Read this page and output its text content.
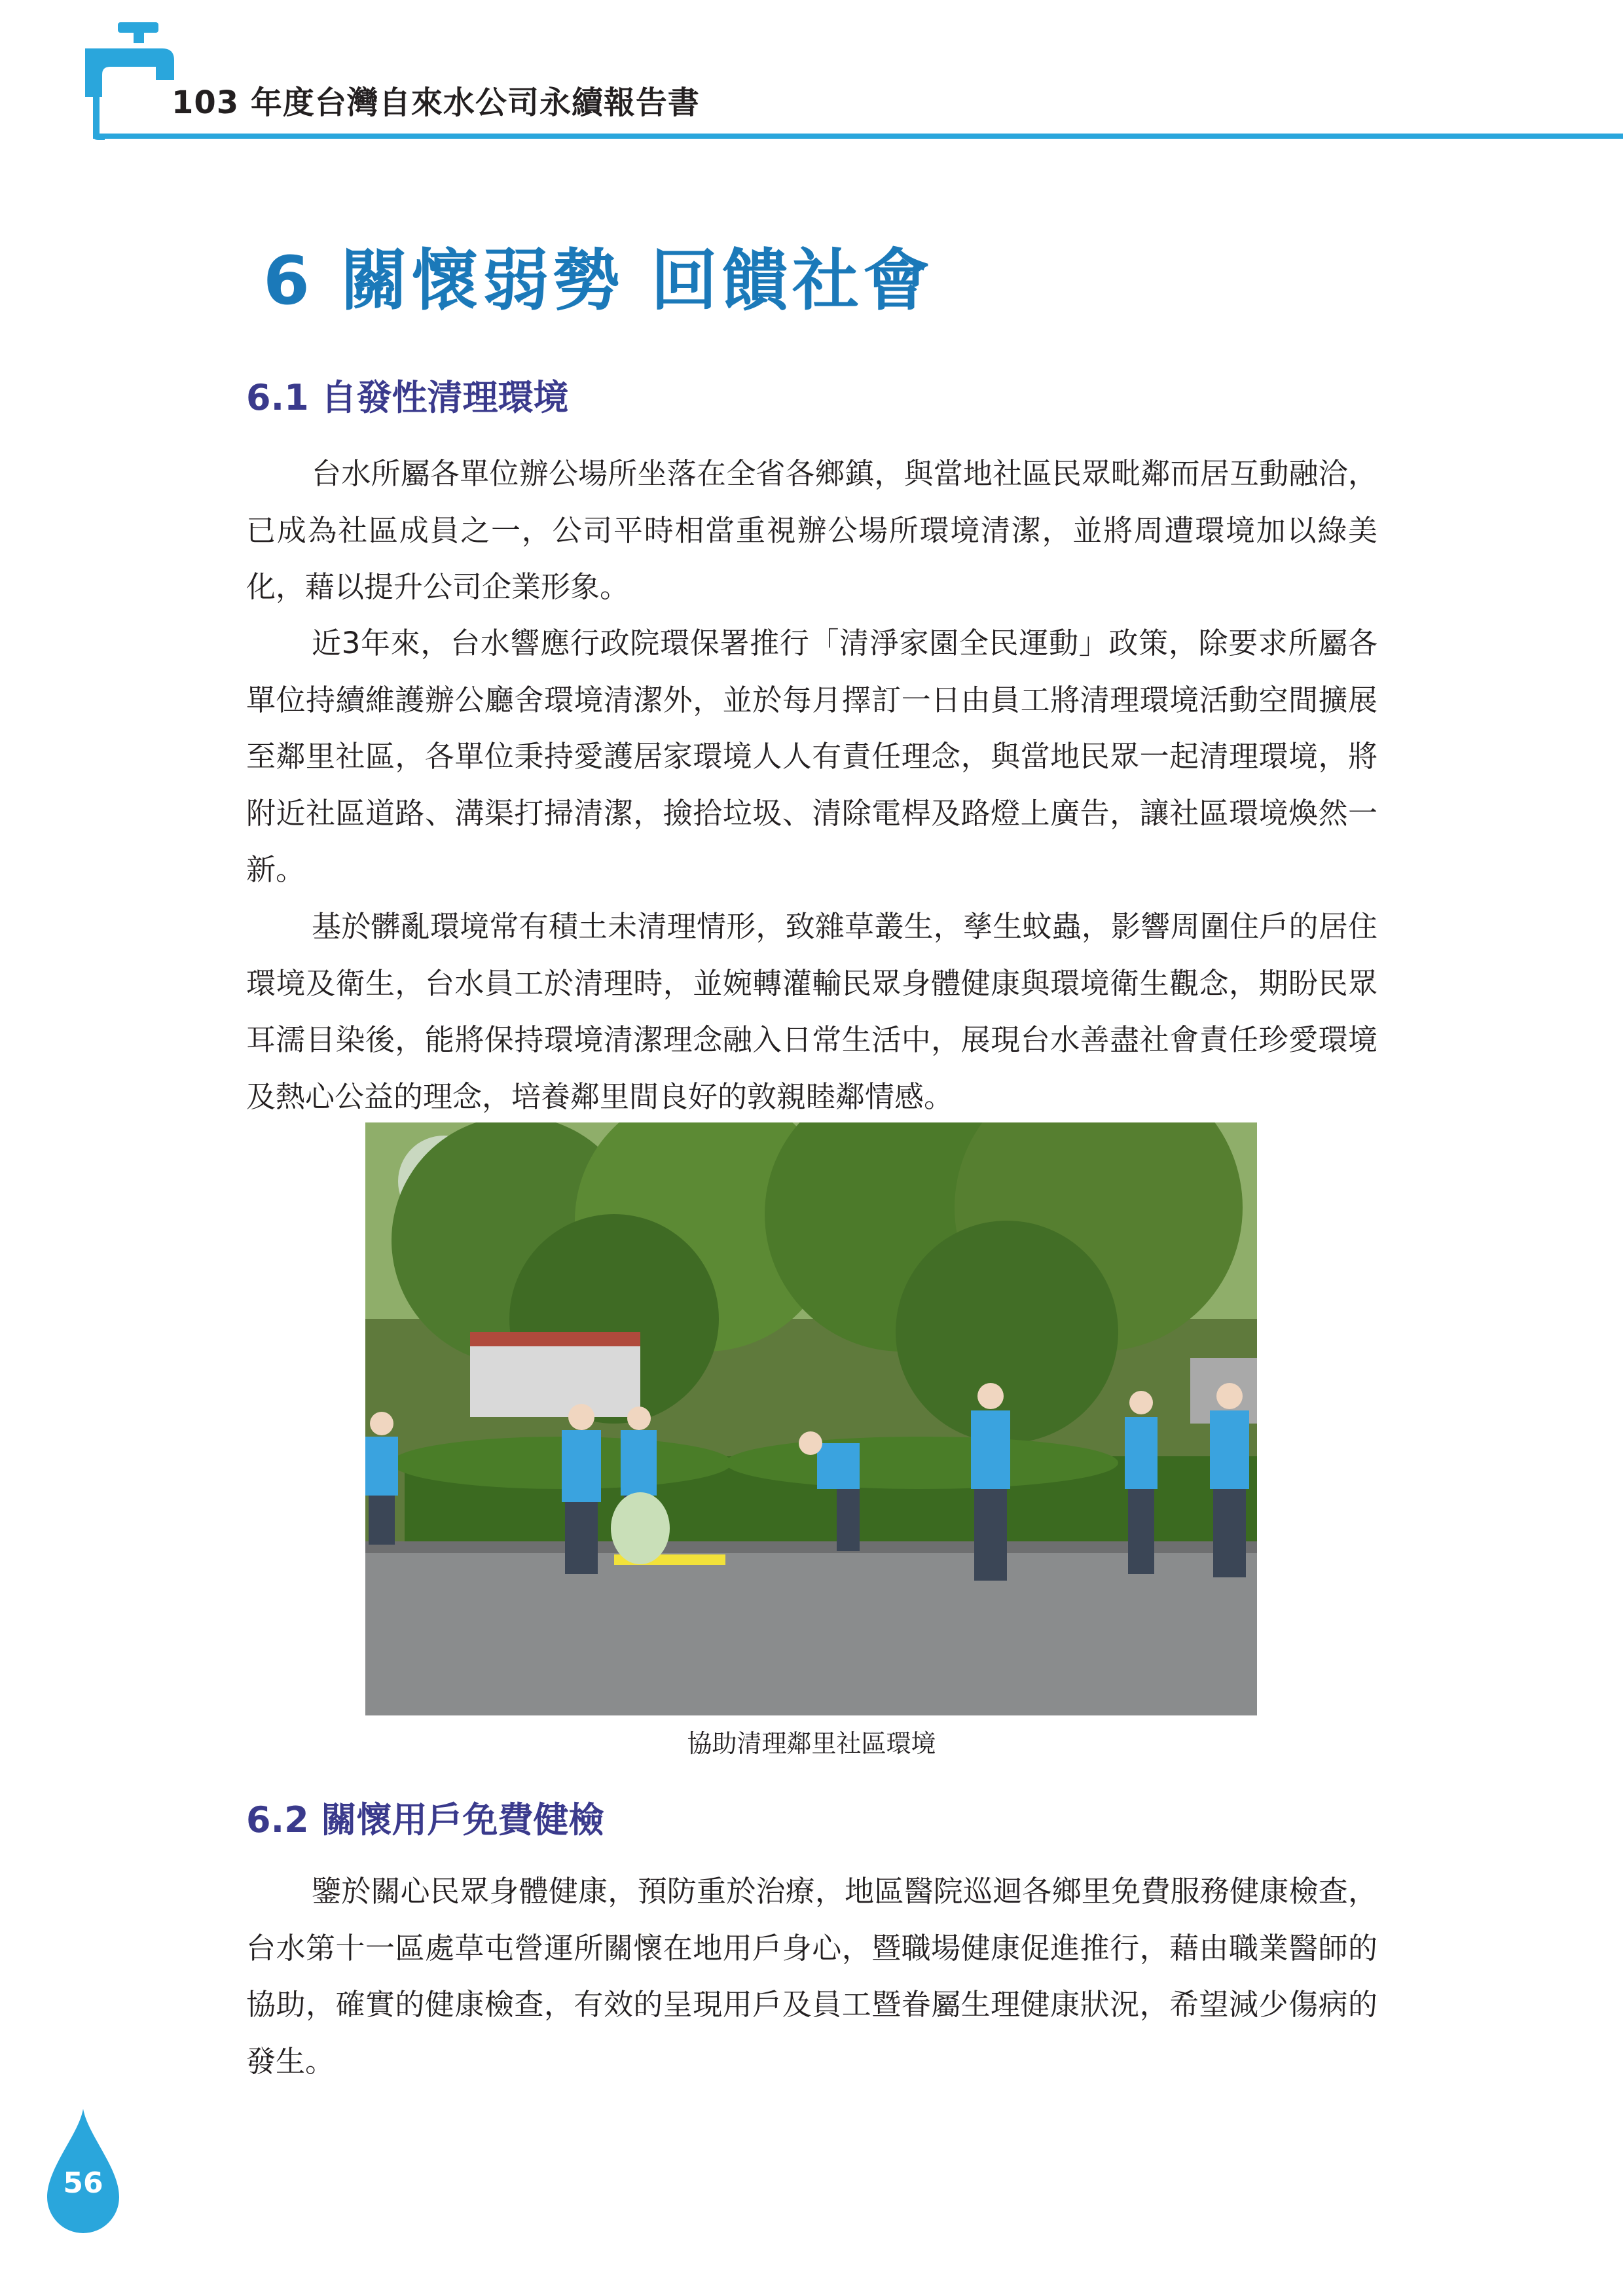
103 年度台灣自來水公司永續報告書
6 關懷弱勢 回饋社會
6.1 自發性清理環境

台水所屬各單位辦公場所坐落在全省各鄉鎮，與當地社區民眾毗鄰而居互動融洽，已成為社區成員之一，公司平時相當重視辦公場所環境清潔，並將周遭環境加以綠美化，藉以提升公司企業形象。

近3年來，台水響應行政院環保署推行「清淨家園全民運動」政策，除要求所屬各單位持續維護辦公廳舍環境清潔外，並於每月擇訂一日由員工將清理環境活動空間擴展至鄰里社區，各單位秉持愛護居家環境人人有責任理念，與當地民眾一起清理環境，將附近社區道路、溝渠打掃清潔，撿拾垃圾、清除電桿及路燈上廣告，讓社區環境煥然一新。

基於髒亂環境常有積土未清理情形，致雜草叢生，孳生蚊蟲，影響周圍住戶的居住環境及衛生，台水員工於清理時，並婉轉灌輸民眾身體健康與環境衛生觀念，期盼民眾耳濡目染後，能將保持環境清潔理念融入日常生活中，展現台水善盡社會責任珍愛環境及熱心公益的理念，培養鄰里間良好的敦親睦鄰情感。

協助清理鄰里社區環境
6.2 關懷用戶免費健檢

鑒於關心民眾身體健康，預防重於治療，地區醫院巡迴各鄉里免費服務健康檢查，台水第十一區處草屯營運所關懷在地用戶身心，暨職場健康促進推行，藉由職業醫師的協助，確實的健康檢查，有效的呈現用戶及員工暨眷屬生理健康狀況，希望減少傷病的發生。

56
